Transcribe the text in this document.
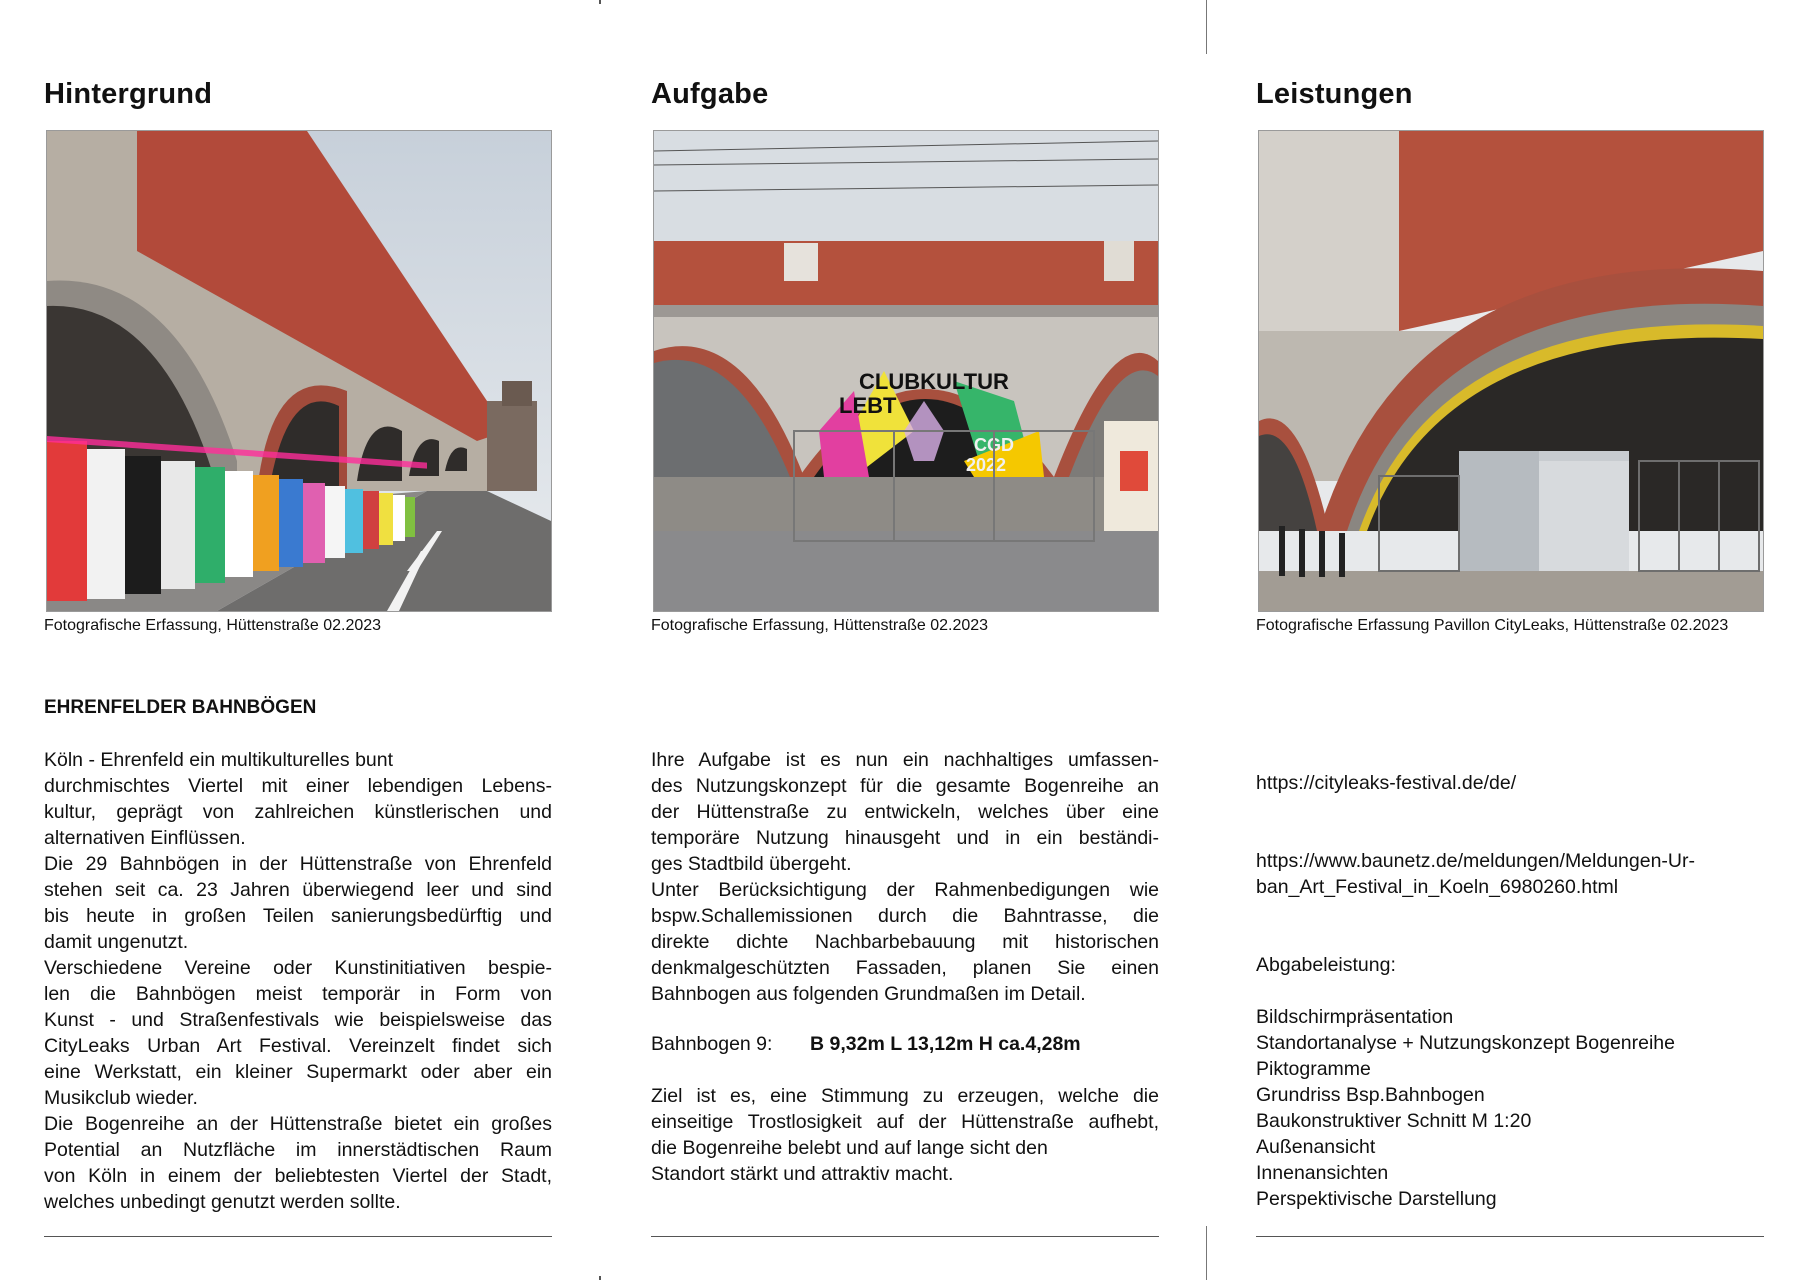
Hintergrund
Fotografische Erfassung, Hüttenstraße 02.2023
EHRENFELDER BAHNBÖGEN

Köln - Ehrenfeld ein multikulturelles bunt

durchmischtes Viertel mit einer lebendigen Lebens-

kultur, geprägt von zahlreichen künstlerischen und

alternativen Einflüssen.

Die 29 Bahnbögen in der Hüttenstraße von Ehrenfeld

stehen seit ca. 23 Jahren überwiegend leer und sind

bis heute in großen Teilen sanierungsbedürftig und

damit ungenutzt.

Verschiedene Vereine oder Kunstinitiativen bespie-

len die Bahnbögen meist temporär in Form von

Kunst - und Straßenfestivals wie beispielsweise das

CityLeaks Urban Art Festival. Vereinzelt findet sich

eine Werkstatt, ein kleiner Supermarkt oder aber ein

Musikclub wieder.

Die Bogenreihe an der Hüttenstraße bietet ein großes

Potential an Nutzfläche im innerstädtischen Raum

von Köln in einem der beliebtesten Viertel der Stadt,

welches unbedingt genutzt werden sollte.

Aufgabe
CLUBKULTUR
LEBT
CGD
2022
Fotografische Erfassung, Hüttenstraße 02.2023

Ihre Aufgabe ist es nun ein nachhaltiges umfassen-

des Nutzungskonzept für die gesamte Bogenreihe an

der Hüttenstraße zu entwickeln, welches über eine

temporäre Nutzung hinausgeht und in ein beständi-

ges Stadtbild übergeht.

Unter Berücksichtigung der Rahmenbedigungen wie

bspw.Schallemissionen durch die Bahntrasse, die

direkte dichte Nachbarbebauung mit historischen

denkmalgeschützten Fassaden, planen Sie einen

Bahnbogen aus folgenden Grundmaßen im Detail.

Bahnbogen 9: B 9,32m L 13,12m H ca.4,28m

Ziel ist es, eine Stimmung zu erzeugen, welche die

einseitige Trostlosigkeit auf der Hüttenstraße aufhebt,

die Bogenreihe belebt und auf lange sicht den

Standort stärkt und attraktiv macht.

Leistungen
Fotografische Erfassung Pavillon CityLeaks, Hüttenstraße 02.2023
https://cityleaks-festival.de/de/
https://www.baunetz.de/meldungen/Meldungen-Ur-
ban_Art_Festival_in_Koeln_6980260.html
Abgabeleistung:

Bildschirmpräsentation

Standortanalyse + Nutzungskonzept Bogenreihe

Piktogramme

Grundriss Bsp.Bahnbogen

Baukonstruktiver Schnitt M 1:20

Außenansicht

Innenansichten

Perspektivische Darstellung
